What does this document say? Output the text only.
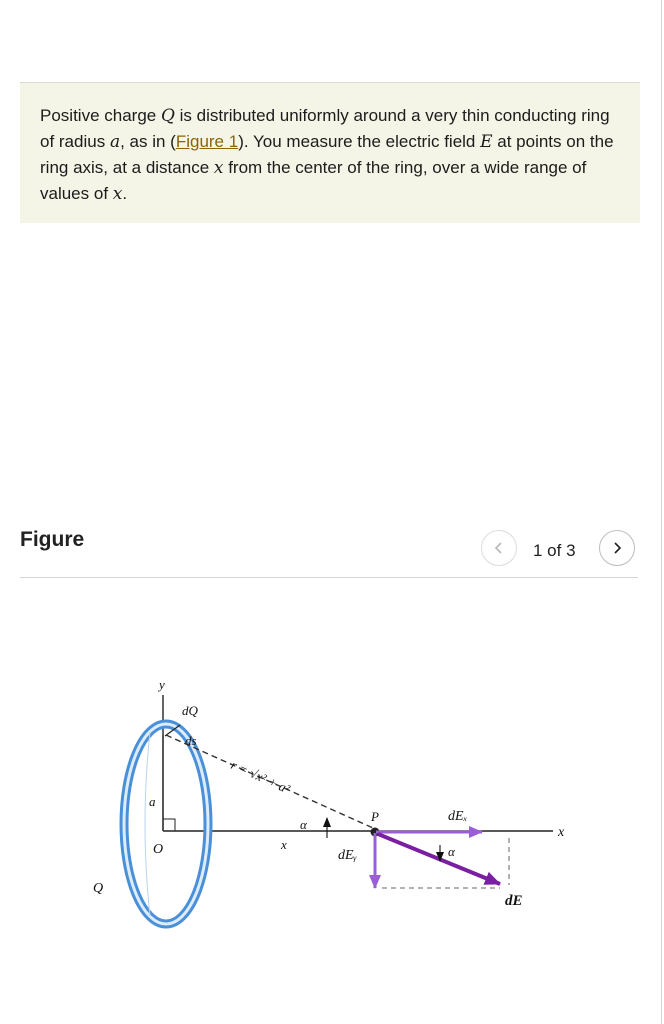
Positive charge Q is distributed uniformly around a very thin conducting ring of radius a, as in (Figure 1). You measure the electric field E at points on the ring axis, at a distance x from the center of the ring, over a wide range of values of x.

Figure	1 of 3
y
x
dQ
ds
a
O
Q
r = √x² + a²
x
α
P
α
dEₓ
dEᵧ
dE⃗
